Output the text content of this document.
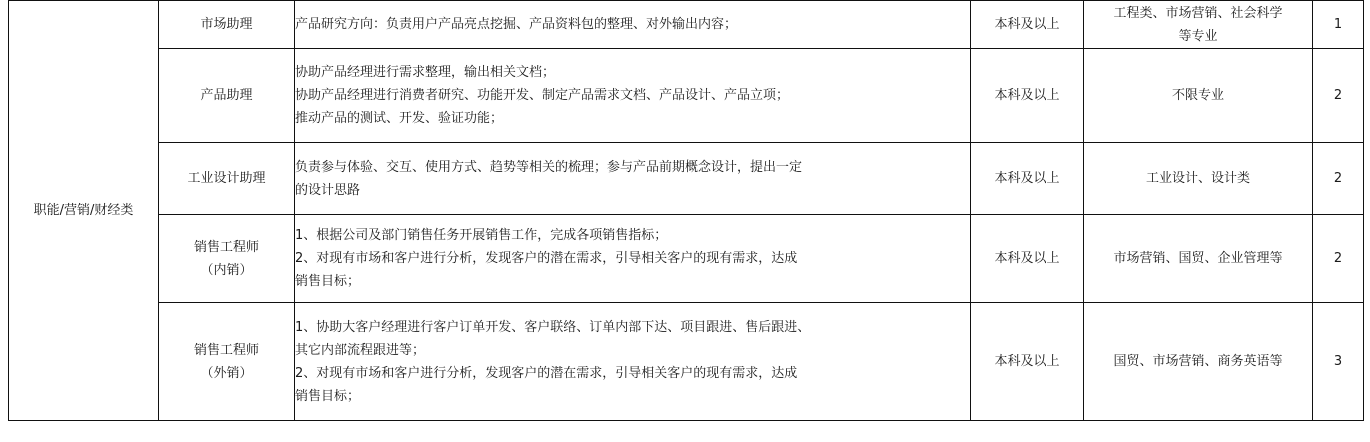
职能/营销/财经类	市场助理	产品研究方向：负责用户产品亮点挖掘、产品资料包的整理、对外输出内容；	本科及以上	工程类、市场营销、社会科学
等专业	1

	产品助理	协助产品经理进行需求整理，输出相关文档；
协助产品经理进行消费者研究、功能开发、制定产品需求文档、产品设计、产品立项；
推动产品的测试、开发、验证功能；	本科及以上	不限专业	2

	工业设计助理	负责参与体验、交互、使用方式、趋势等相关的梳理；参与产品前期概念设计，提出一定
的设计思路	本科及以上	工业设计、设计类	2

	销售工程师
（内销）	1、根据公司及部门销售任务开展销售工作，完成各项销售指标；
2、对现有市场和客户进行分析，发现客户的潜在需求，引导相关客户的现有需求，达成
销售目标；	本科及以上	市场营销、国贸、企业管理等	2

	销售工程师
（外销）	1、协助大客户经理进行客户订单开发、客户联络、订单内部下达、项目跟进、售后跟进、
其它内部流程跟进等；
2、对现有市场和客户进行分析，发现客户的潜在需求，引导相关客户的现有需求，达成
销售目标；	本科及以上	国贸、市场营销、商务英语等	3
